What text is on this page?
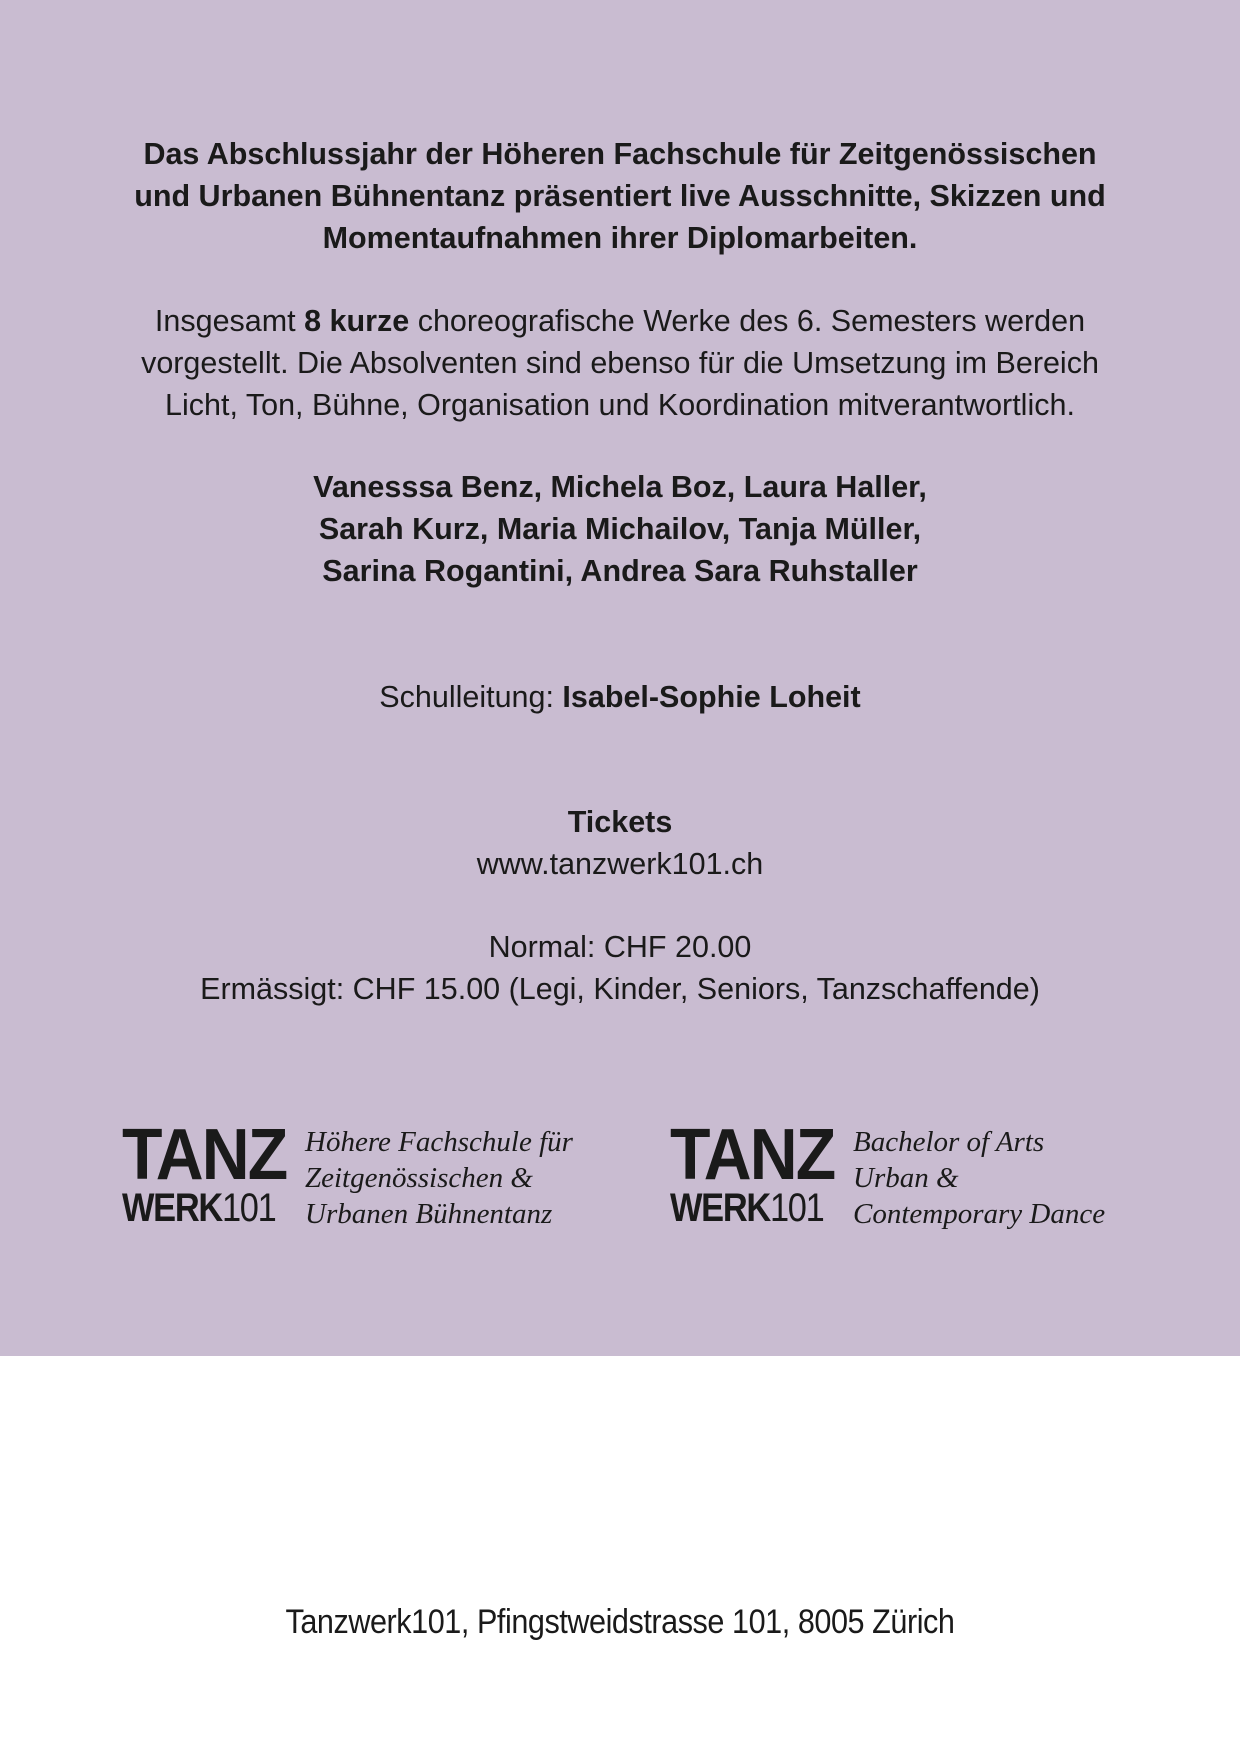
Das Abschlussjahr der Höheren Fachschule für Zeitgenössischen
und Urbanen Bühnentanz präsentiert live Ausschnitte, Skizzen und
Momentaufnahmen ihrer Diplomarbeiten.
Insgesamt 8 kurze choreografische Werke des 6. Semesters werden
vorgestellt. Die Absolventen sind ebenso für die Umsetzung im Bereich
Licht, Ton, Bühne, Organisation und Koordination mitverantwortlich.
Vanesssa Benz, Michela Boz, Laura Haller,
Sarah Kurz, Maria Michailov, Tanja Müller,
Sarina Rogantini, Andrea Sara Ruhstaller
Schulleitung: Isabel-Sophie Loheit
Tickets
www.tanzwerk101.ch
Normal: CHF 20.00
Ermässigt: CHF 15.00 (Legi, Kinder, Seniors, Tanzschaffende)
TANZ
WERK101
Höhere Fachschule für
Zeitgenössischen &
Urbanen Bühnentanz
TANZ
WERK101
Bachelor of Arts
Urban &
Contemporary Dance
Tanzwerk101, Pfingstweidstrasse 101, 8005 Zürich
